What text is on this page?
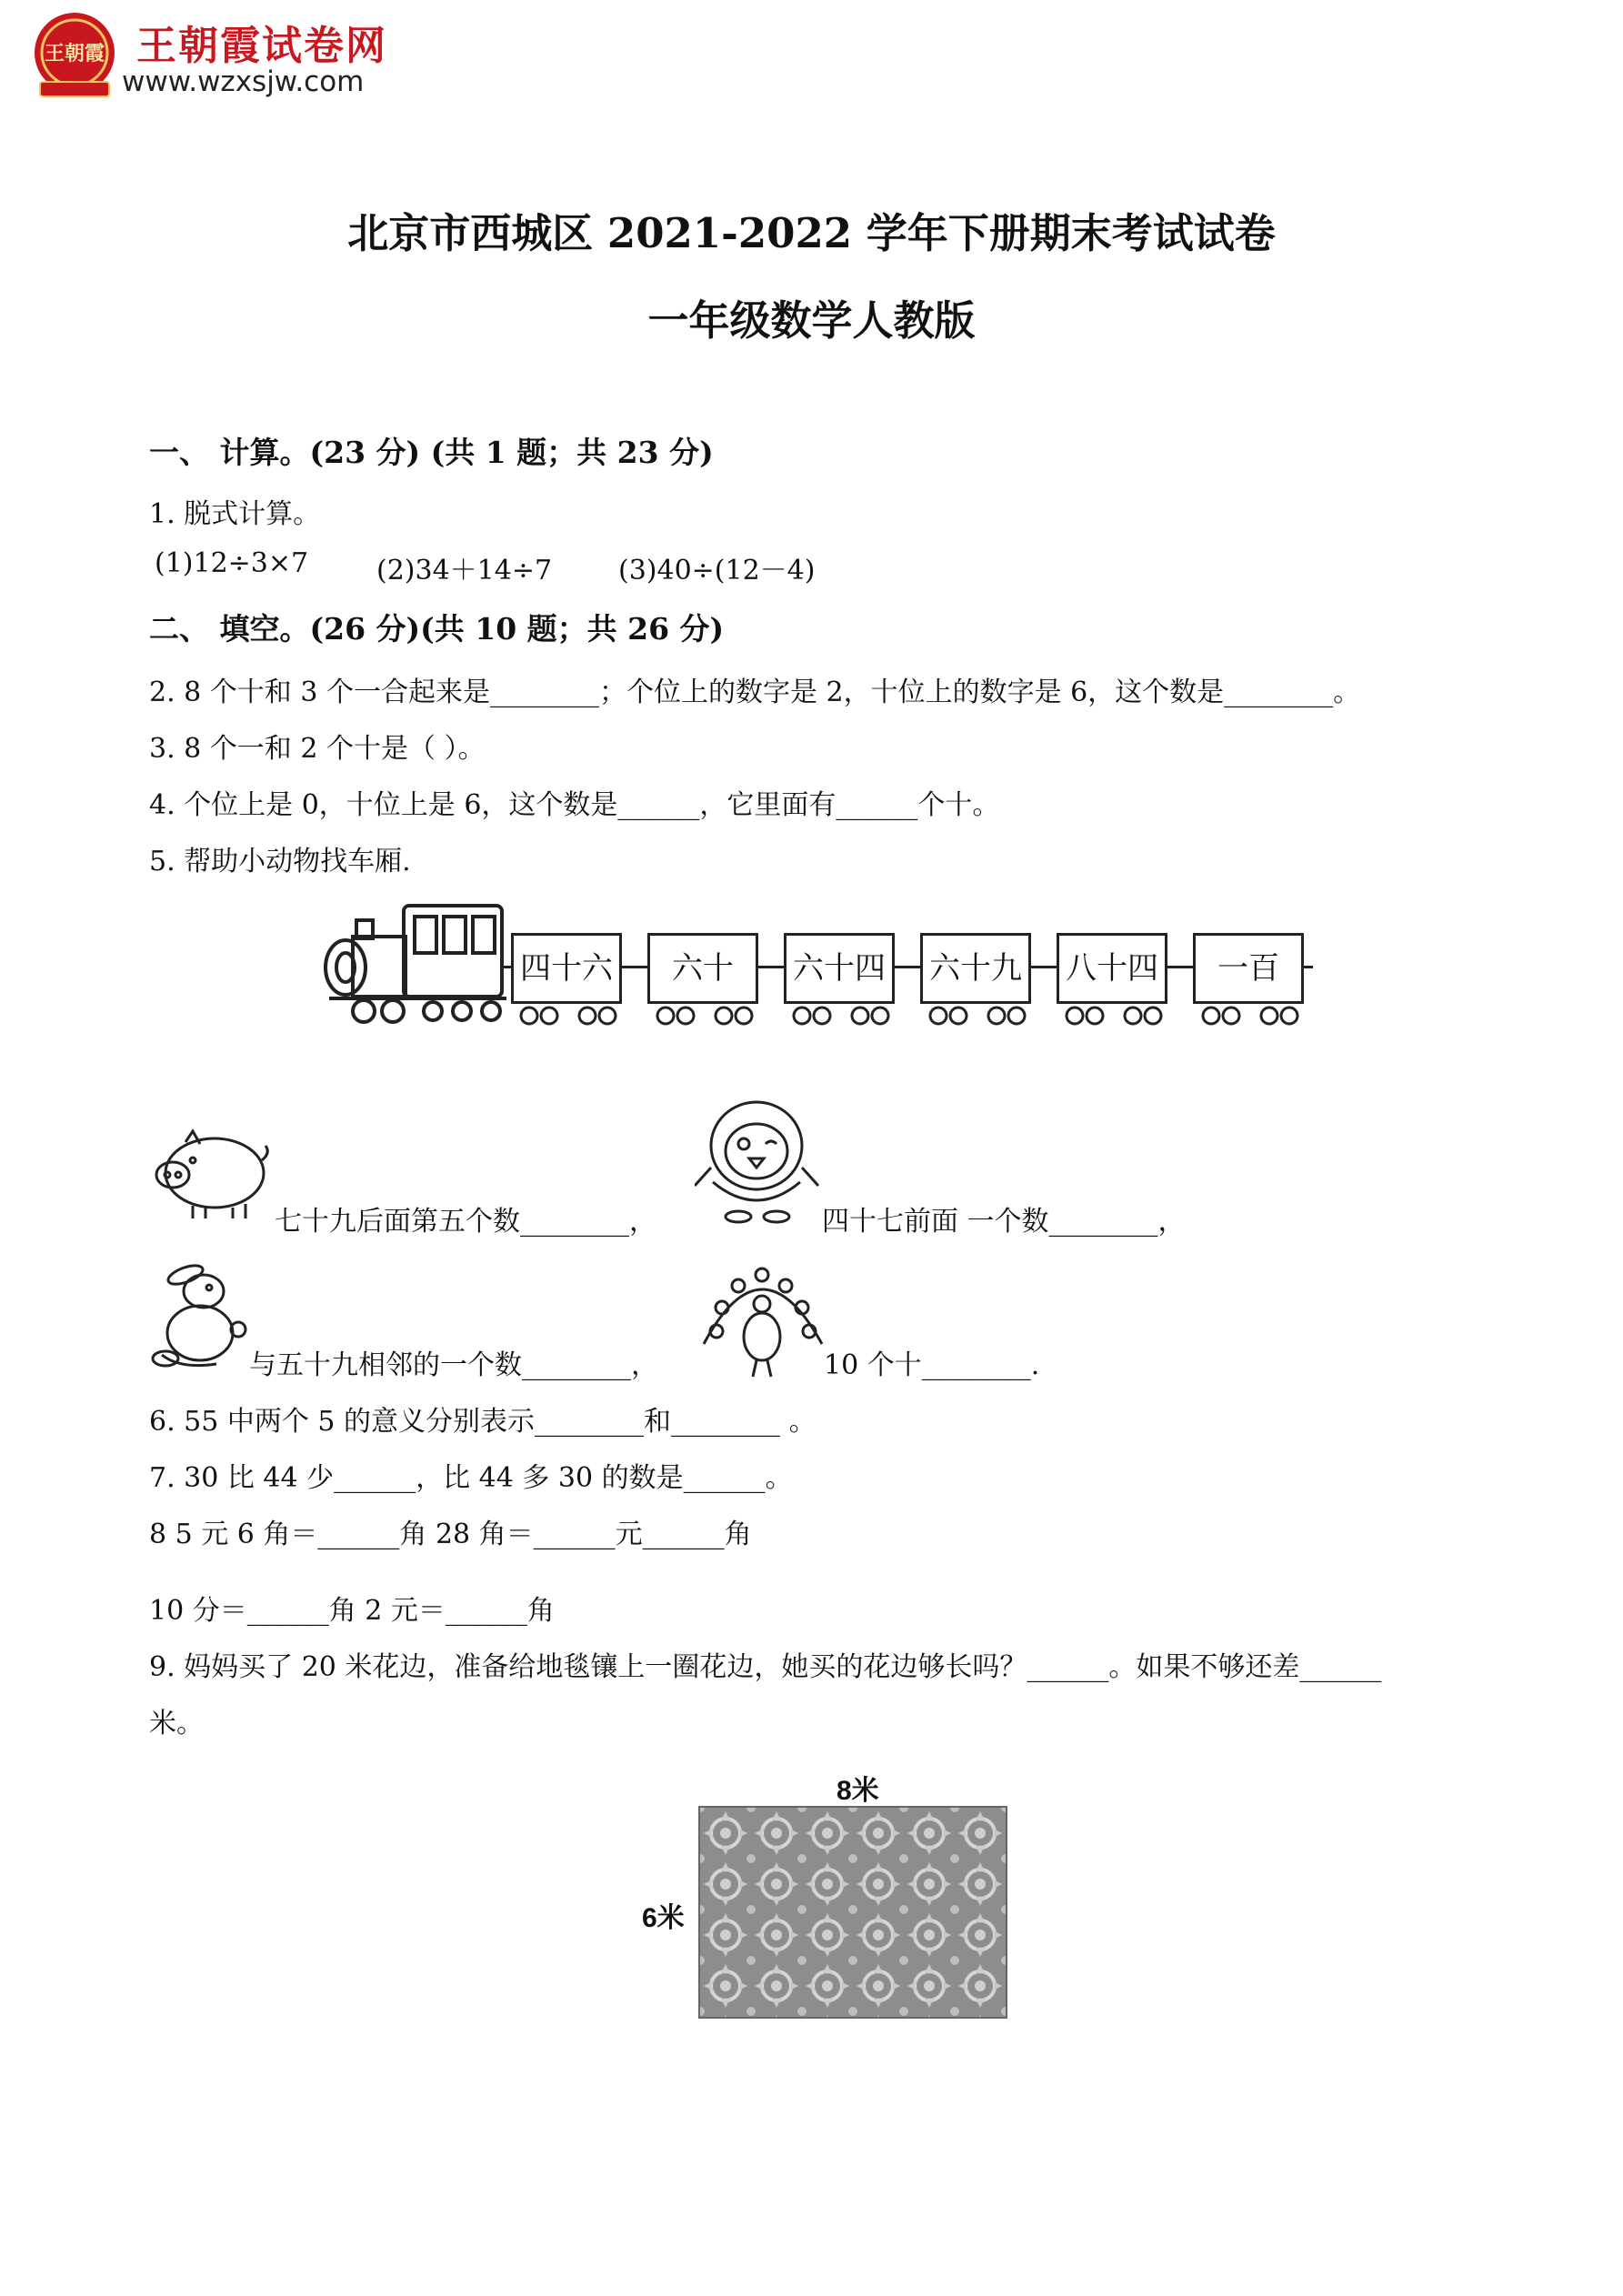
王朝霞 王朝霞试卷网
www.wzxsjw.com
北京市西城区 2021-2022 学年下册期末考试试卷
一年级数学人教版
一、 计算。(23 分) (共 1 题；共 23 分)
1. 脱式计算。
(1)12÷3×7 (2)34＋14÷7 (3)40÷(12－4)
二、 填空。(26 分)(共 10 题；共 26 分)
2. 8 个十和 3 个一合起来是________；个位上的数字是 2，十位上的数字是 6，这个数是________。
3. 8 个一和 2 个十是（ ）。
4. 个位上是 0，十位上是 6，这个数是______，它里面有______个十。
5. 帮助小动物找车厢.
四十六	六十	六十四 六十九 八十四	一百
七十九后面第五个数________，	四十七前面 一个数________，
与五十九相邻的一个数________，	10 个十________.
6. 55 中两个 5 的意义分别表示________和________ 。
7. 30 比 44 少______，比 44 多 30 的数是______。
8 5 元 6 角＝______角 28 角＝______元______角
10 分＝______角 2 元＝______角
9. 妈妈买了 20 米花边，准备给地毯镶上一圈花边，她买的花边够长吗？______。如果不够还差______
米。
8米
6米
